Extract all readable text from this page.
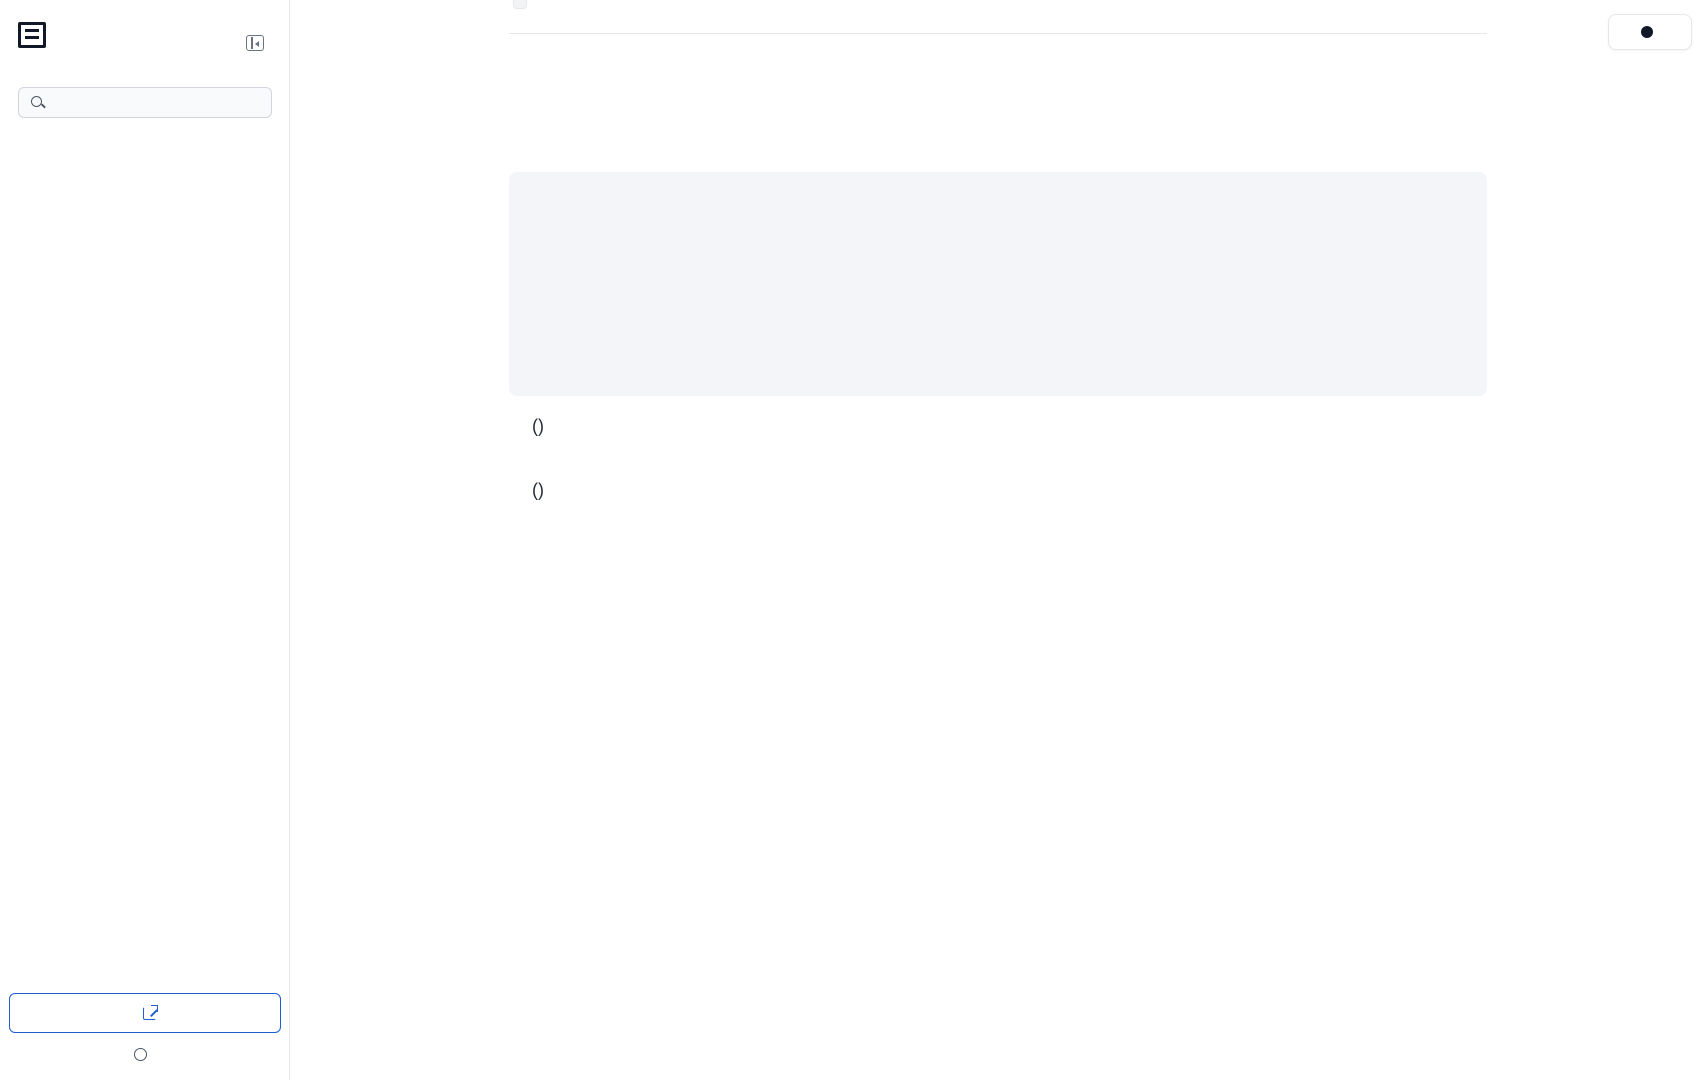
()

()
